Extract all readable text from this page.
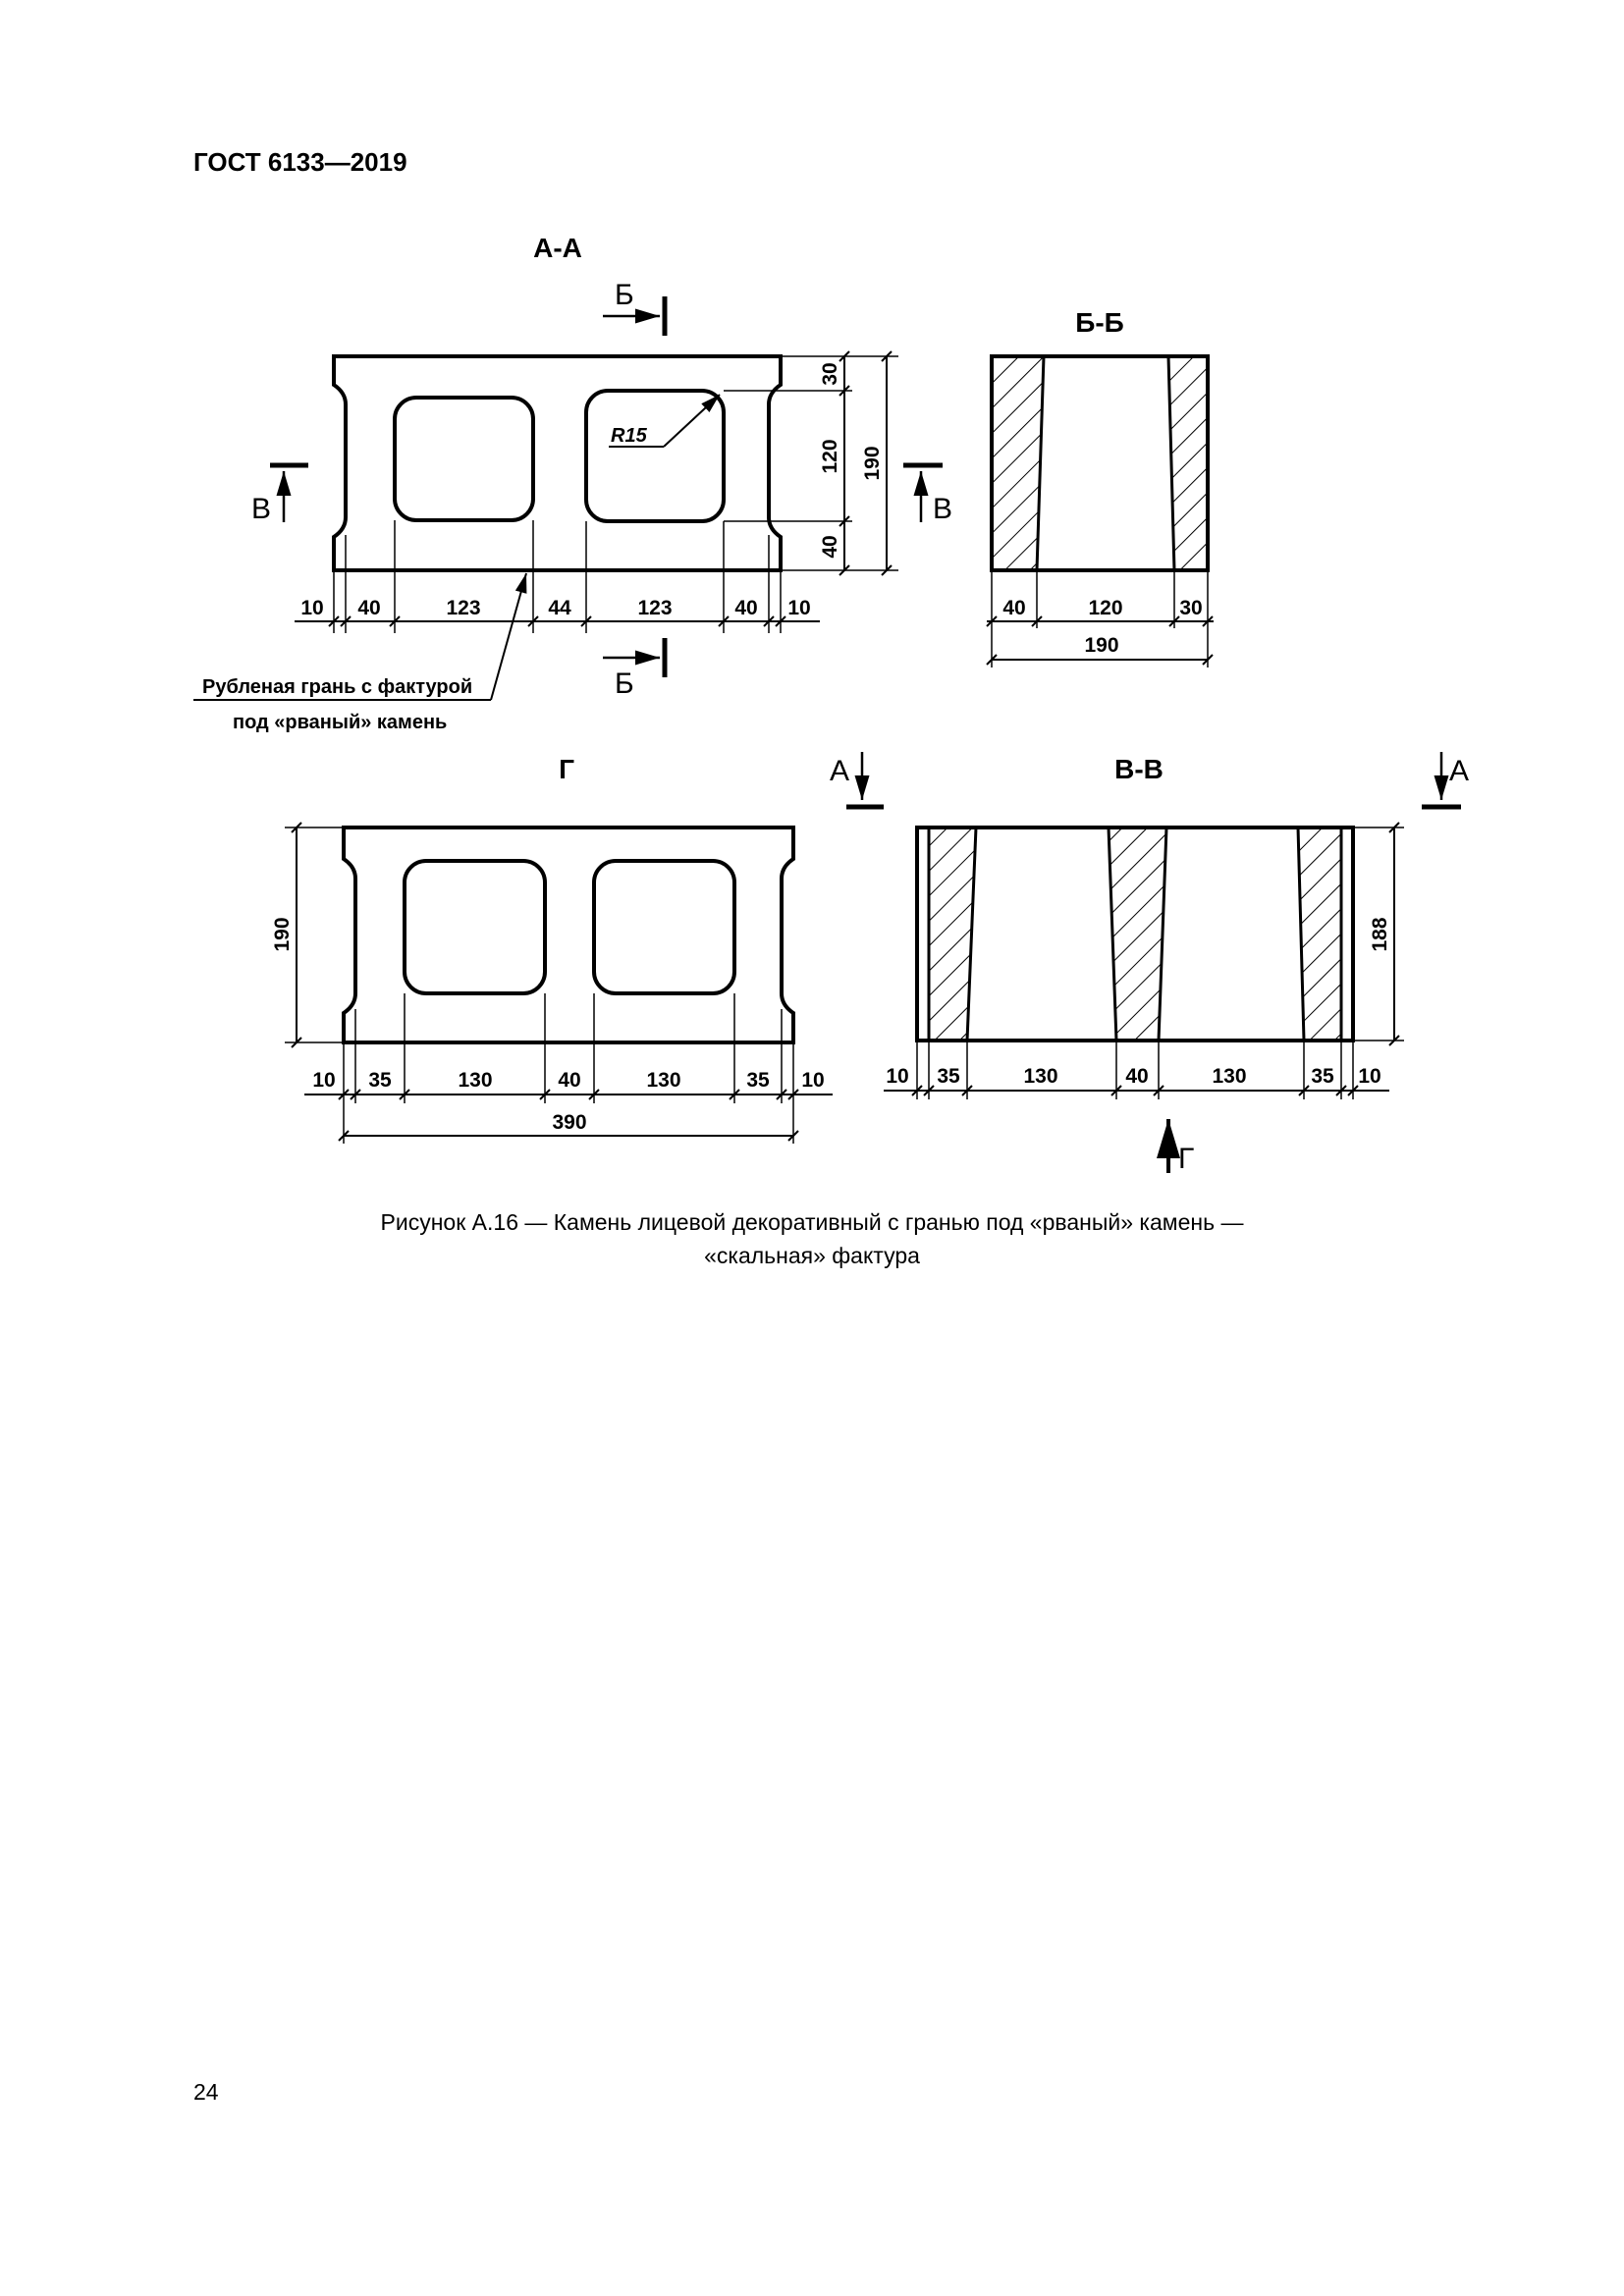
ГОСТ 6133—2019
А-А
R15
10 40	123	44	123	40 10
30
120
40
190
Б
Б
В	В
Рубленая грань с фактурой
под «рваный» камень
Б-Б
40	120	30
190
Г
190
10 35	130	40	130	35 10
390
А	В-В
10 35	130	40	130	35 10
188
А
Г
Рисунок А.16 — Камень лицевой декоративный с гранью под «рваный» камень —
«скальная» фактура
24
